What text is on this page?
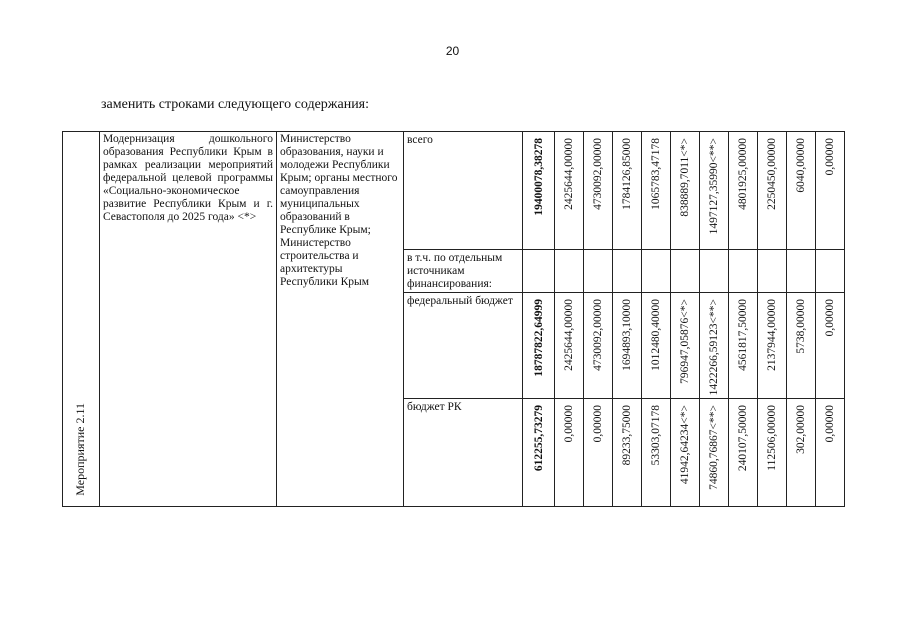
20
заменить строками следующего содержания:
Мероприятие 2.11	Модернизация дошкольного образования Республики Крым в рамках реализации мероприятий федеральной целевой программы «Социально-экономическое развитие Республики Крым и г. Севастополя до 2025 года» <*>	Министерство образования, науки и молодежи Республики Крым; органы местного самоуправления муниципальных образований в Республике Крым; Министерство строительства и архитектуры Республики Крым	всего	19400078,38278	2425644,00000	4730092,00000	1784126,85000	1065783,47178	838889,7011<*>	1497127,35990<**>	4801925,00000	2250450,00000	6040,00000	0,00000

			в т.ч. по отдельным источникам финансирования:											

			федеральный бюджет	18787822,64999	2425644,00000	4730092,00000	1694893,10000	1012480,40000	796947,05876<*>	1422266,59123<**>	4561817,50000	2137944,00000	5738,00000	0,00000

			бюджет РК	612255,73279	0,00000	0,00000	89233,75000	53303,07178	41942,64234<*>	74860,76867<**>	240107,50000	112506,00000	302,00000	0,00000
